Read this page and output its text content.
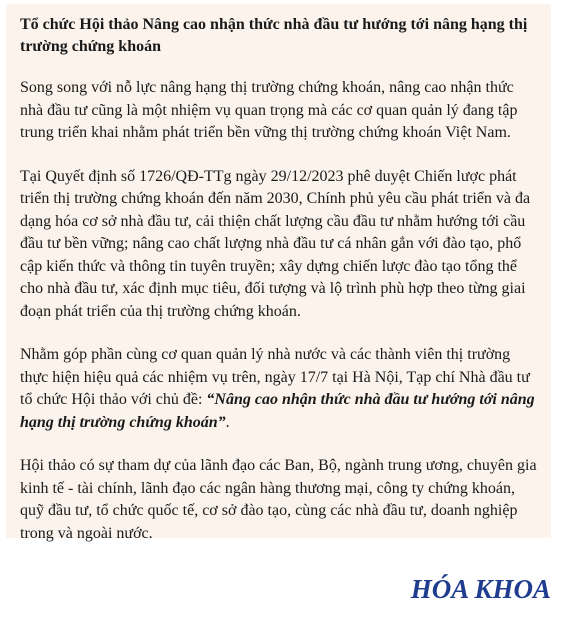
Tổ chức Hội thảo Nâng cao nhận thức nhà đầu tư hướng tới nâng hạng thị trường chứng khoán

Song song với nỗ lực nâng hạng thị trường chứng khoán, nâng cao nhận thức nhà đầu tư cũng là một nhiệm vụ quan trọng mà các cơ quan quản lý đang tập trung triển khai nhằm phát triển bền vững thị trường chứng khoán Việt Nam.

Tại Quyết định số 1726/QĐ-TTg ngày 29/12/2023 phê duyệt Chiến lược phát triển thị trường chứng khoán đến năm 2030, Chính phủ yêu cầu phát triển và đa dạng hóa cơ sở nhà đầu tư, cải thiện chất lượng cầu đầu tư nhằm hướng tới cầu đầu tư bền vững; nâng cao chất lượng nhà đầu tư cá nhân gắn với đào tạo, phổ cập kiến thức và thông tin tuyên truyền; xây dựng chiến lược đào tạo tổng thể cho nhà đầu tư, xác định mục tiêu, đối tượng và lộ trình phù hợp theo từng giai đoạn phát triển của thị trường chứng khoán.

Nhằm góp phần cùng cơ quan quản lý nhà nước và các thành viên thị trường thực hiện hiệu quả các nhiệm vụ trên, ngày 17/7 tại Hà Nội, Tạp chí Nhà đầu tư tổ chức Hội thảo với chủ đề: “Nâng cao nhận thức nhà đầu tư hướng tới nâng hạng thị trường chứng khoán”.

Hội thảo có sự tham dự của lãnh đạo các Ban, Bộ, ngành trung ương, chuyên gia kinh tế - tài chính, lãnh đạo các ngân hàng thương mại, công ty chứng khoán, quỹ đầu tư, tổ chức quốc tế, cơ sở đào tạo, cùng các nhà đầu tư, doanh nghiệp trong và ngoài nước.

HÓA KHOA
